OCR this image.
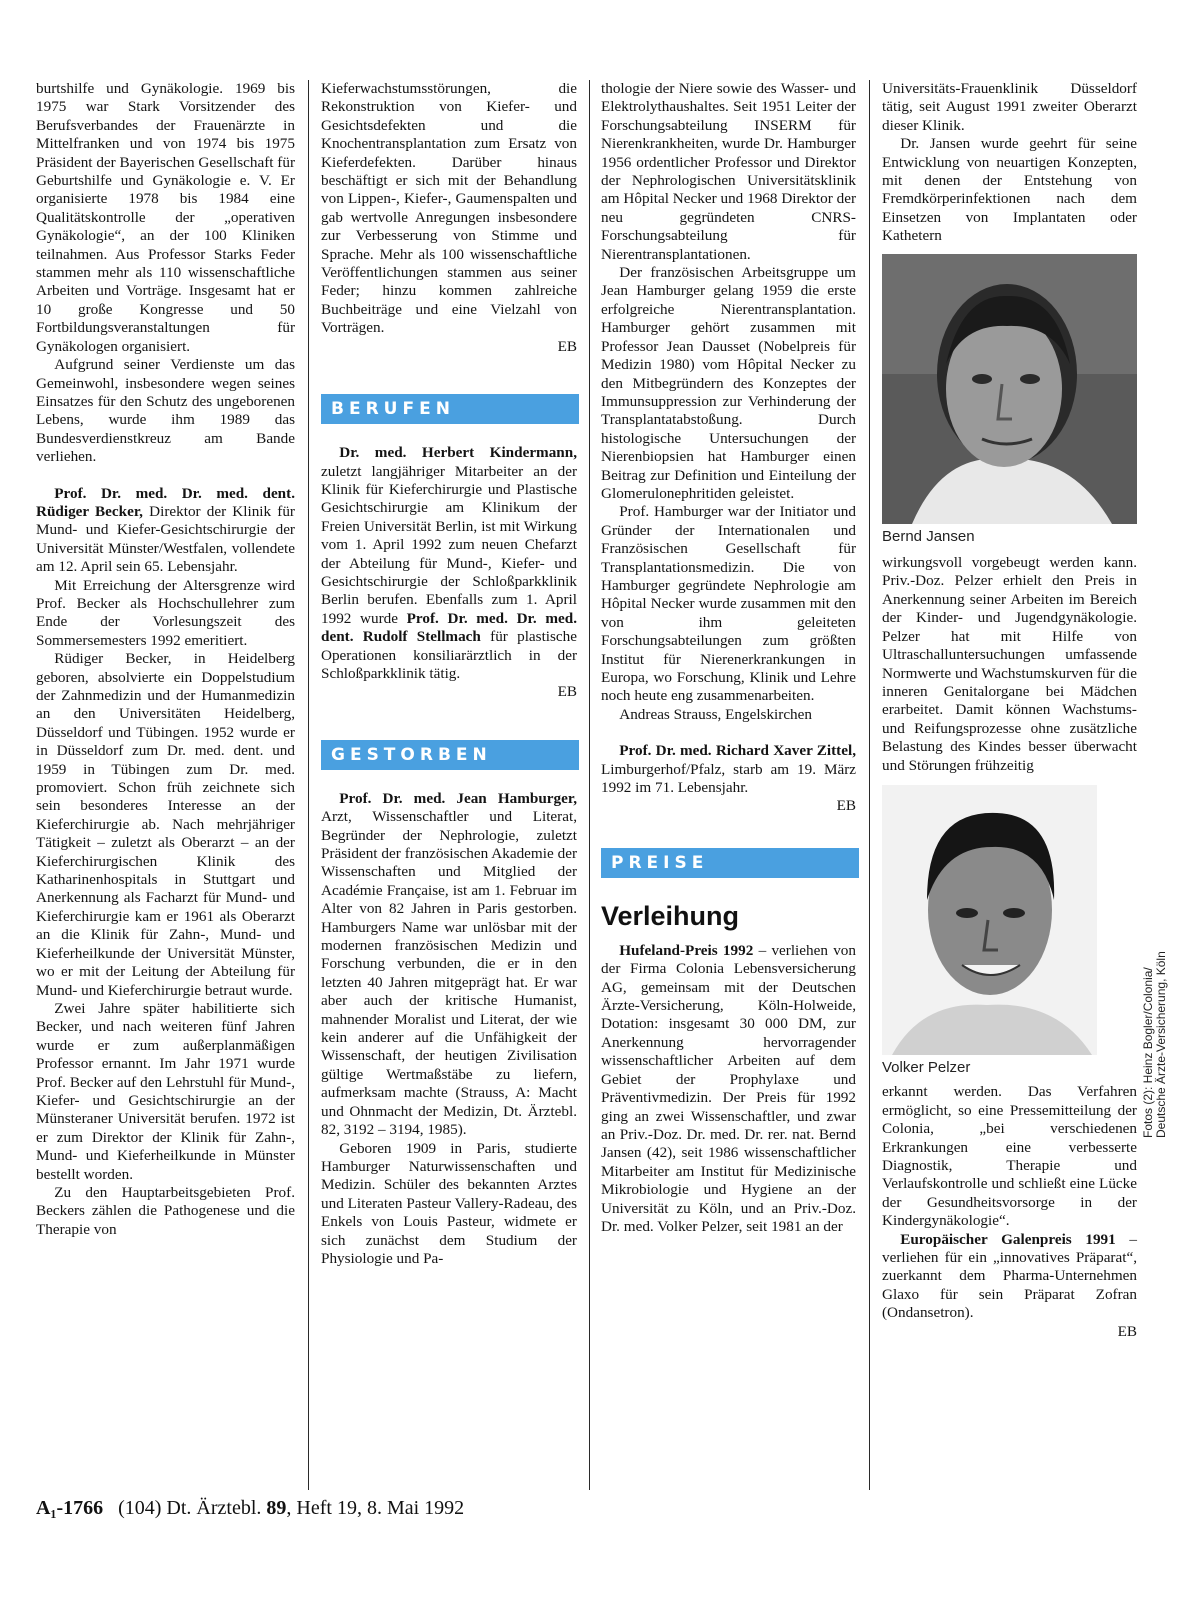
burtshilfe und Gynäkologie. 1969 bis 1975 war Stark Vorsitzender des Berufsverbandes der Frauenärzte in Mittelfranken und von 1974 bis 1975 Präsident der Bayerischen Gesellschaft für Geburtshilfe und Gynäkologie e. V. Er organisierte 1978 bis 1984 eine Qualitätskontrolle der „operativen Gynäkologie“, an der 100 Kliniken teilnahmen. Aus Professor Starks Feder stammen mehr als 110 wissenschaftliche Arbeiten und Vorträge. Insgesamt hat er 10 große Kongresse und 50 Fortbildungsveranstaltungen für Gynäkologen organisiert.

Aufgrund seiner Verdienste um das Gemeinwohl, insbesondere wegen seines Einsatzes für den Schutz des ungeborenen Lebens, wurde ihm 1989 das Bundesverdienstkreuz am Bande verliehen.

Prof. Dr. med. Dr. med. dent. Rüdiger Becker, Direktor der Klinik für Mund- und Kiefer-Gesichtschirurgie der Universität Münster/Westfalen, vollendete am 12. April sein 65. Lebensjahr.

Mit Erreichung der Altersgrenze wird Prof. Becker als Hochschullehrer zum Ende der Vorlesungszeit des Sommersemesters 1992 emeritiert.

Rüdiger Becker, in Heidelberg geboren, absolvierte ein Doppelstudium der Zahnmedizin und der Humanmedizin an den Universitäten Heidelberg, Düsseldorf und Tübingen. 1952 wurde er in Düsseldorf zum Dr. med. dent. und 1959 in Tübingen zum Dr. med. promoviert. Schon früh zeichnete sich sein besonderes Interesse an der Kieferchirurgie ab. Nach mehrjähriger Tätigkeit – zuletzt als Oberarzt – an der Kieferchirurgischen Klinik des Katharinenhospitals in Stuttgart und Anerkennung als Facharzt für Mund- und Kieferchirurgie kam er 1961 als Oberarzt an die Klinik für Zahn-, Mund- und Kieferheilkunde der Universität Münster, wo er mit der Leitung der Abteilung für Mund- und Kieferchirurgie betraut wurde.

Zwei Jahre später habilitierte sich Becker, und nach weiteren fünf Jahren wurde er zum außerplanmäßigen Professor ernannt. Im Jahr 1971 wurde Prof. Becker auf den Lehrstuhl für Mund-, Kiefer- und Gesichtschirurgie an der Münsteraner Universität berufen. 1972 ist er zum Direktor der Klinik für Zahn-, Mund- und Kieferheilkunde in Münster bestellt worden.

Zu den Hauptarbeitsgebieten Prof. Beckers zählen die Pathogenese und die Therapie von

Kieferwachstumsstörungen, die Rekonstruktion von Kiefer- und Gesichtsdefekten und die Knochentransplantation zum Ersatz von Kieferdefekten. Darüber hinaus beschäftigt er sich mit der Behandlung von Lippen-, Kiefer-, Gaumenspalten und gab wertvolle Anregungen insbesondere zur Verbesserung von Stimme und Sprache. Mehr als 100 wissenschaftliche Veröffentlichungen stammen aus seiner Feder; hinzu kommen zahlreiche Buchbeiträge und eine Vielzahl von Vorträgen.

EB
BERUFEN

Dr. med. Herbert Kindermann, zuletzt langjähriger Mitarbeiter an der Klinik für Kieferchirurgie und Plastische Gesichtschirurgie am Klinikum der Freien Universität Berlin, ist mit Wirkung vom 1. April 1992 zum neuen Chefarzt der Abteilung für Mund-, Kiefer- und Gesichtschirurgie der Schloßparkklinik Berlin berufen. Ebenfalls zum 1. April 1992 wurde Prof. Dr. med. Dr. med. dent. Rudolf Stellmach für plastische Operationen konsiliarärztlich in der Schloßparkklinik tätig.

EB
GESTORBEN

Prof. Dr. med. Jean Hamburger, Arzt, Wissenschaftler und Literat, Begründer der Nephrologie, zuletzt Präsident der französischen Akademie der Wissenschaften und Mitglied der Académie Française, ist am 1. Februar im Alter von 82 Jahren in Paris gestorben. Hamburgers Name war unlösbar mit der modernen französischen Medizin und Forschung verbunden, die er in den letzten 40 Jahren mitgeprägt hat. Er war aber auch der kritische Humanist, mahnender Moralist und Literat, der wie kein anderer auf die Unfähigkeit der Wissenschaft, der heutigen Zivilisation gültige Wertmaßstäbe zu liefern, aufmerksam machte (Strauss, A: Macht und Ohnmacht der Medizin, Dt. Ärztebl. 82, 3192 – 3194, 1985).

Geboren 1909 in Paris, studierte Hamburger Naturwissenschaften und Medizin. Schüler des bekannten Arztes und Literaten Pasteur Vallery-Radeau, des Enkels von Louis Pasteur, widmete er sich zunächst dem Studium der Physiologie und Pa-

thologie der Niere sowie des Wasser- und Elektrolythaushaltes. Seit 1951 Leiter der Forschungsabteilung INSERM für Nierenkrankheiten, wurde Dr. Hamburger 1956 ordentlicher Professor und Direktor der Nephrologischen Universitätsklinik am Hôpital Necker und 1968 Direktor der neu gegründeten CNRS-Forschungsabteilung für Nierentransplantationen.

Der französischen Arbeitsgruppe um Jean Hamburger gelang 1959 die erste erfolgreiche Nierentransplantation. Hamburger gehört zusammen mit Professor Jean Dausset (Nobelpreis für Medizin 1980) vom Hôpital Necker zu den Mitbegründern des Konzeptes der Immunsuppression zur Verhinderung der Transplantatabstoßung. Durch histologische Untersuchungen der Nierenbiopsien hat Hamburger einen Beitrag zur Definition und Einteilung der Glomerulonephritiden geleistet.

Prof. Hamburger war der Initiator und Gründer der Internationalen und Französischen Gesellschaft für Transplantationsmedizin. Die von Hamburger gegründete Nephrologie am Hôpital Necker wurde zusammen mit den von ihm geleiteten Forschungsabteilungen zum größten Institut für Nierenerkrankungen in Europa, wo Forschung, Klinik und Lehre noch heute eng zusammenarbeiten.

Andreas Strauss, Engelskirchen

Prof. Dr. med. Richard Xaver Zittel, Limburgerhof/Pfalz, starb am 19. März 1992 im 71. Lebensjahr.

EB
PREISE
Verleihung

Hufeland-Preis 1992 – verliehen von der Firma Colonia Lebensversicherung AG, gemeinsam mit der Deutschen Ärzte-Versicherung, Köln-Holweide, Dotation: insgesamt 30 000 DM, zur Anerkennung hervorragender wissenschaftlicher Arbeiten auf dem Gebiet der Prophylaxe und Präventivmedizin. Der Preis für 1992 ging an zwei Wissenschaftler, und zwar an Priv.-Doz. Dr. med. Dr. rer. nat. Bernd Jansen (42), seit 1986 wissenschaftlicher Mitarbeiter am Institut für Medizinische Mikrobiologie und Hygiene an der Universität zu Köln, und an Priv.-Doz. Dr. med. Volker Pelzer, seit 1981 an der

Universitäts-Frauenklinik Düsseldorf tätig, seit August 1991 zweiter Oberarzt dieser Klinik.

Dr. Jansen wurde geehrt für seine Entwicklung von neuartigen Konzepten, mit denen der Entstehung von Fremdkörperinfektionen nach dem Einsetzen von Implantaten oder Kathetern

Bernd Jansen

wirkungsvoll vorgebeugt werden kann. Priv.-Doz. Pelzer erhielt den Preis in Anerkennung seiner Arbeiten im Bereich der Kinder- und Jugendgynäkologie. Pelzer hat mit Hilfe von Ultraschalluntersuchungen umfassende Normwerte und Wachstumskurven für die inneren Genitalorgane bei Mädchen erarbeitet. Damit können Wachstums- und Reifungsprozesse ohne zusätzliche Belastung des Kindes besser überwacht und Störungen frühzeitig

Volker Pelzer

erkannt werden. Das Verfahren ermöglicht, so eine Pressemitteilung der Colonia, „bei verschiedenen Erkrankungen eine verbesserte Diagnostik, Therapie und Verlaufskontrolle und schließt eine Lücke der Gesundheitsvorsorge in der Kindergynäkologie“.

Europäischer Galenpreis 1991 – verliehen für ein „innovatives Präparat“, zuerkannt dem Pharma-Unternehmen Glaxo für sein Präparat Zofran (Ondansetron).

EB
Fotos (2): Heinz Bogler/Colonia/ Deutsche Ärzte-Versicherung, Köln
A₁-1766 (104) Dt. Ärztebl. 89, Heft 19, 8. Mai 1992
